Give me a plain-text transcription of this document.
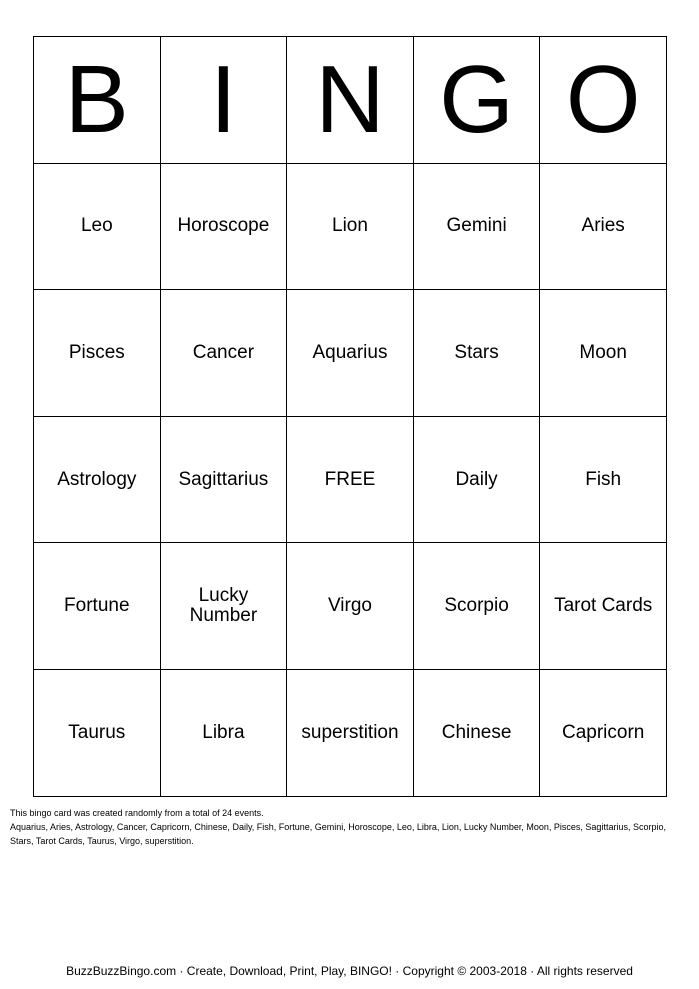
B	I	N	G	O
Leo	Horoscope	Lion	Gemini	Aries
Pisces	Cancer	Aquarius	Stars	Moon
Astrology	Sagittarius	FREE	Daily	Fish
Fortune	Lucky Number	Virgo	Scorpio	Tarot Cards
Taurus	Libra	superstition	Chinese	Capricorn
This bingo card was created randomly from a total of 24 events.
Aquarius, Aries, Astrology, Cancer, Capricorn, Chinese, Daily, Fish, Fortune, Gemini, Horoscope, Leo, Libra, Lion, Lucky Number, Moon, Pisces, Sagittarius, Scorpio, Stars, Tarot Cards, Taurus, Virgo, superstition.
BuzzBuzzBingo.com · Create, Download, Print, Play, BINGO! · Copyright © 2003-2018 · All rights reserved
